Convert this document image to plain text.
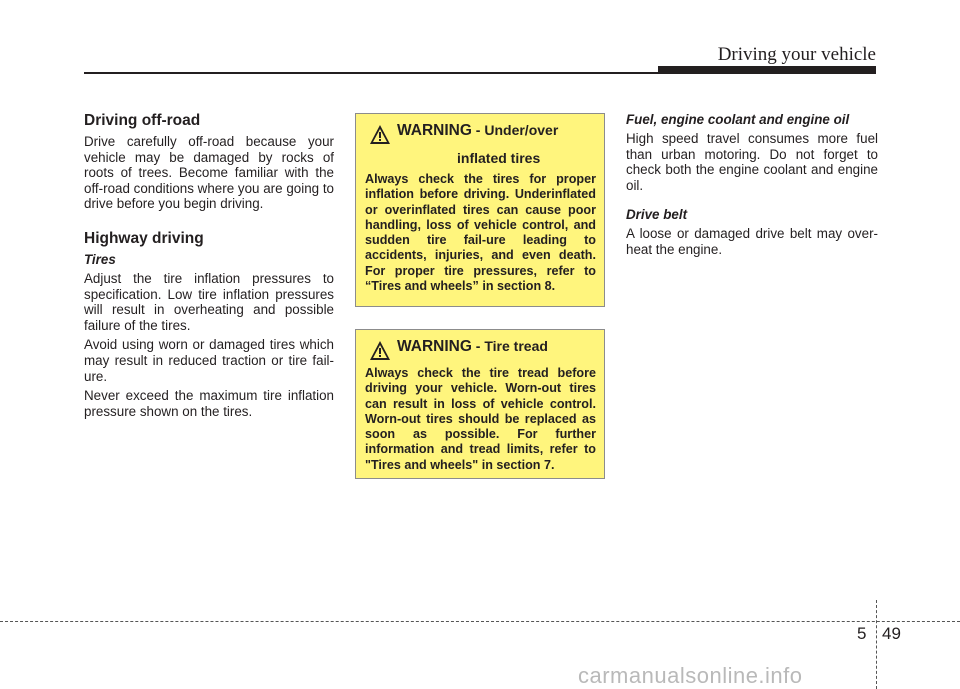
Driving your vehicle
Driving off-road

Drive carefully off-road because your vehicle may be damaged by rocks of roots of trees. Become familiar with the off-road conditions where you are going to drive before you begin driving.

Highway driving
Tires

Adjust the tire inflation pressures to specification. Low tire inflation pressures will result in overheating and possible failure of the tires.

Avoid using worn or damaged tires which may result in reduced traction or tire fail-ure.

Never exceed the maximum tire inflation pressure shown on the tires.

WARNING - Under/over
inflated tires

Always check the tires for proper inflation before driving. Underinflated or overinflated tires can cause poor handling, loss of vehicle control, and sudden tire fail-ure leading to accidents, injuries, and even death. For proper tire pressures, refer to “Tires and wheels” in section 8.

WARNING - Tire tread

Always check the tire tread before driving your vehicle. Worn-out tires can result in loss of vehicle control. Worn-out tires should be replaced as soon as possible. For further information and tread limits, refer to "Tires and wheels" in section 7.

Fuel, engine coolant and engine oil

High speed travel consumes more fuel than urban motoring. Do not forget to check both the engine coolant and engine oil.

Drive belt

A loose or damaged drive belt may over-heat the engine.

5 49
carmanualsonline.info
